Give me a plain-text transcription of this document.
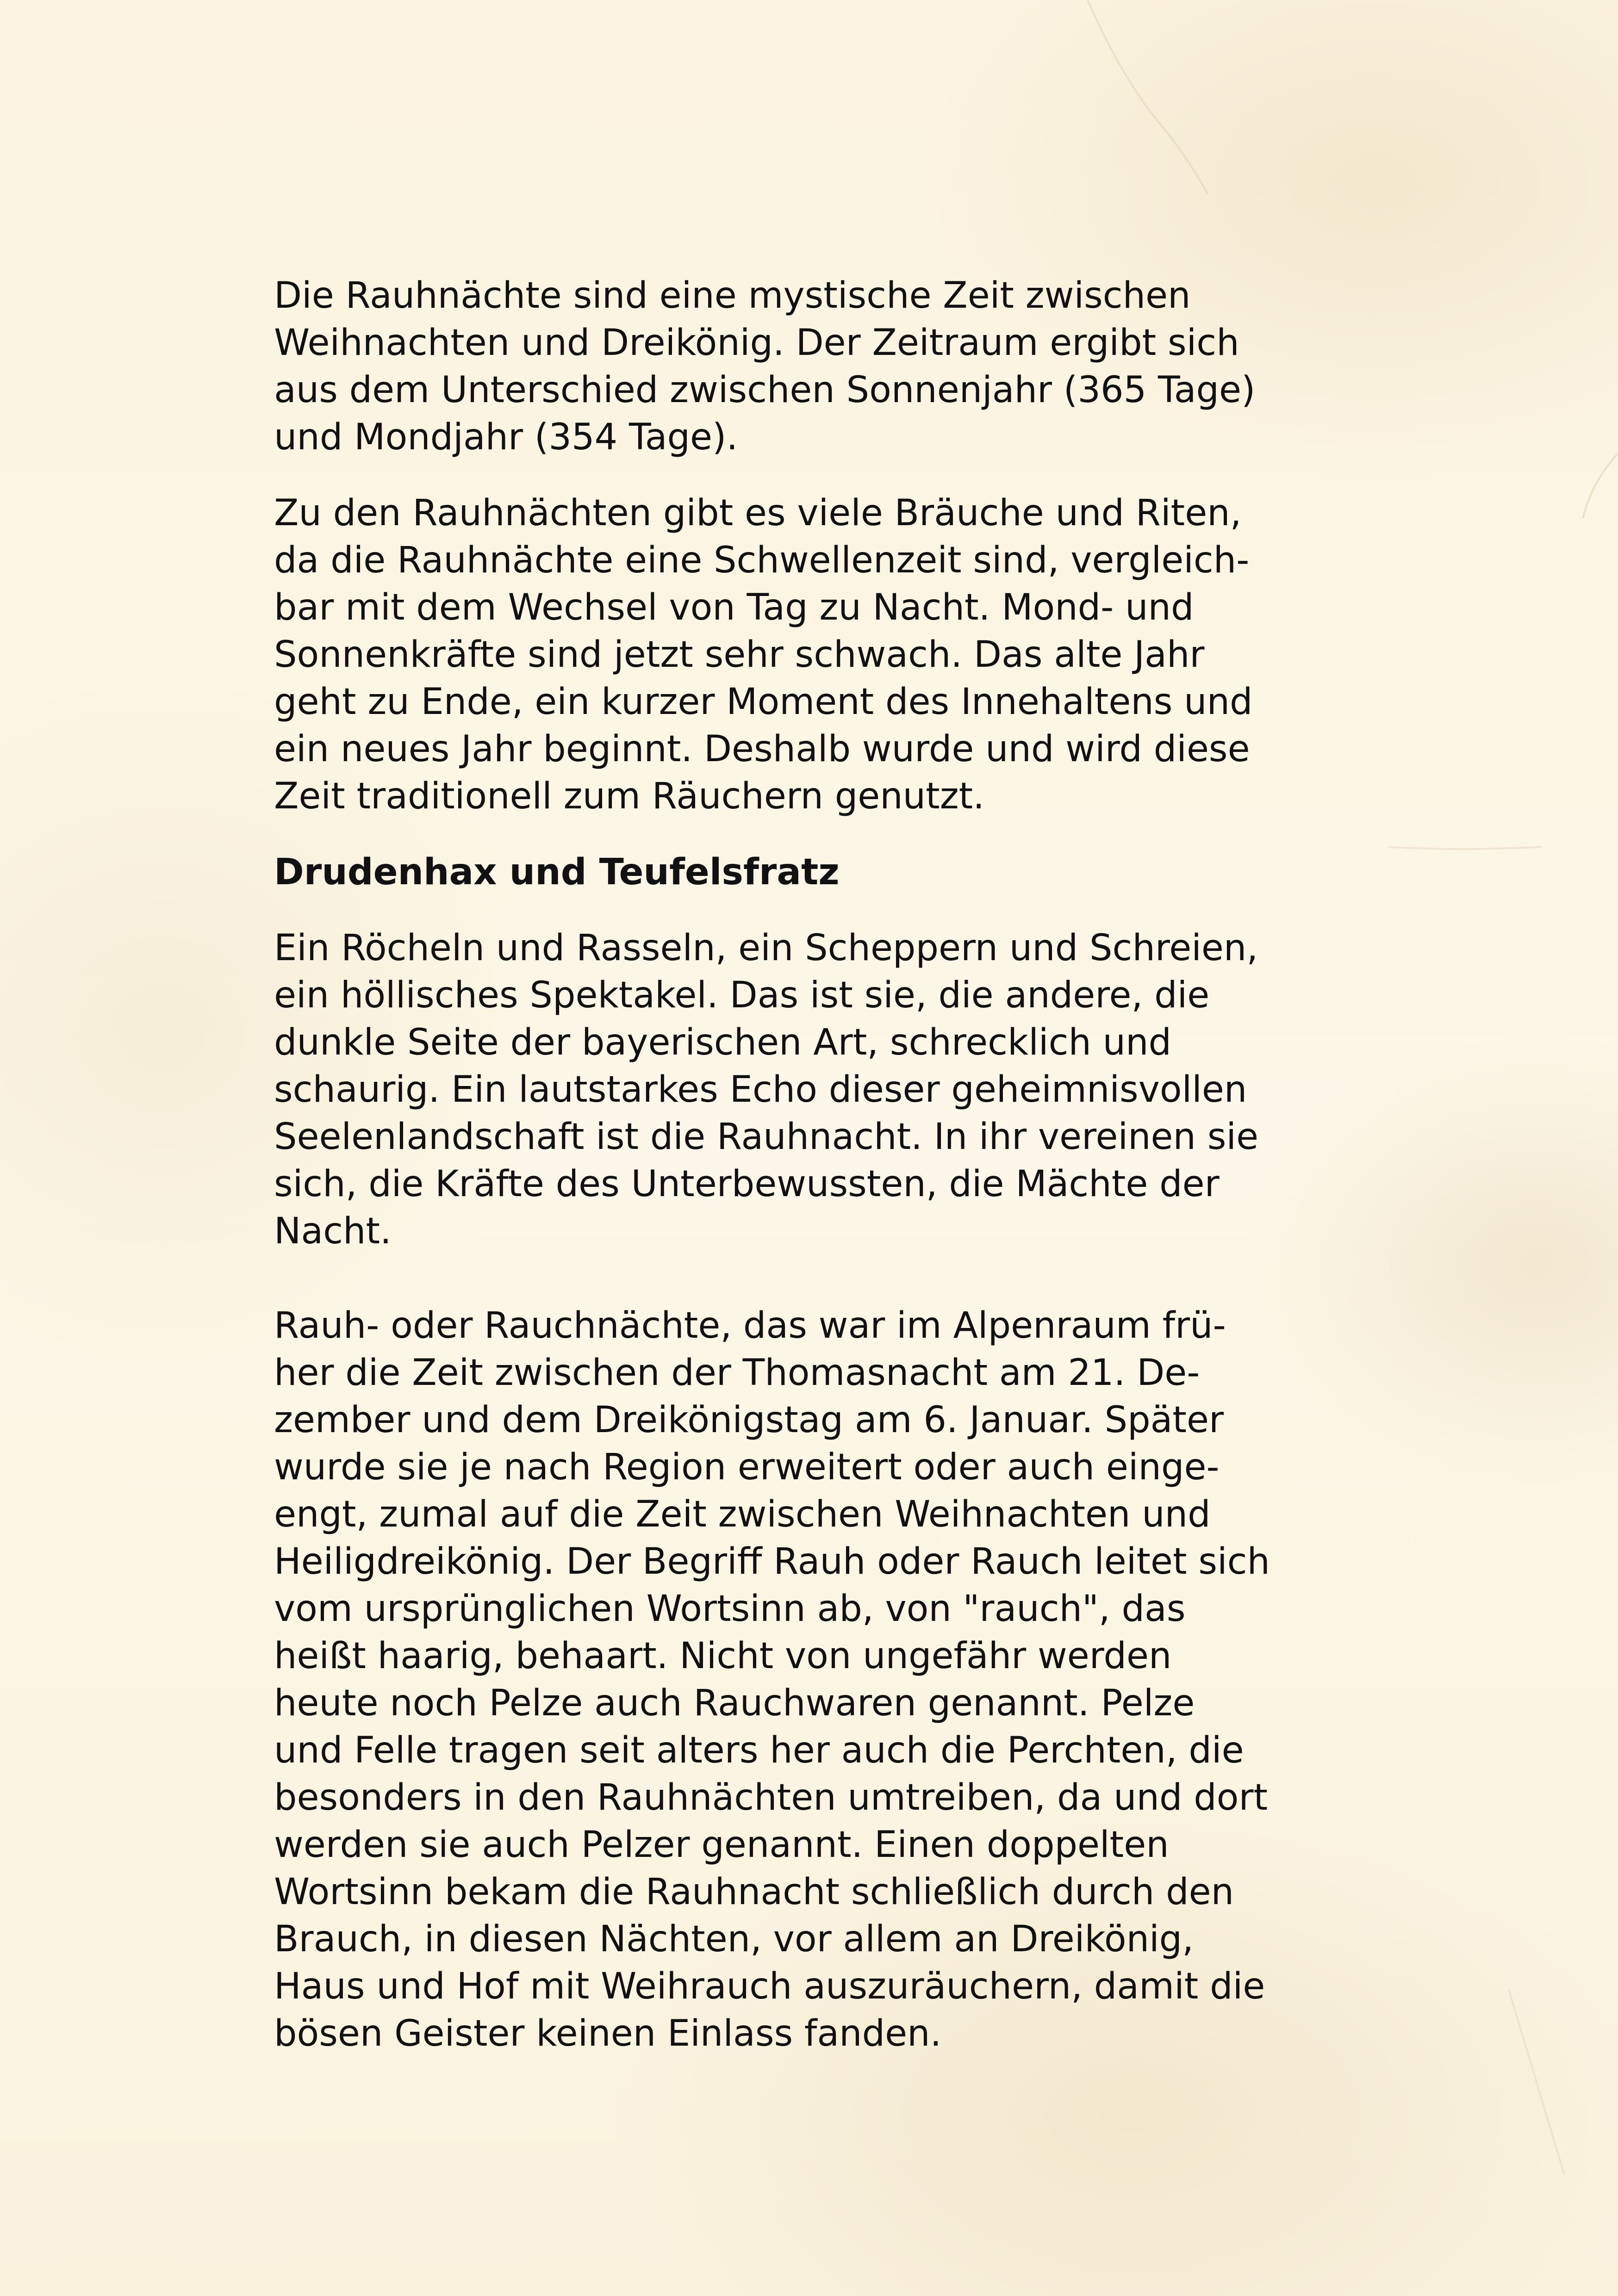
Die Rauhnächte sind eine mystische Zeit zwischen
Weihnachten und Dreikönig. Der Zeitraum ergibt sich
aus dem Unterschied zwischen Sonnenjahr (365 Tage)
und Mondjahr (354 Tage).

Zu den Rauhnächten gibt es viele Bräuche und Riten,
da die Rauhnächte eine Schwellenzeit sind, vergleich-
bar mit dem Wechsel von Tag zu Nacht. Mond- und
Sonnenkräfte sind jetzt sehr schwach. Das alte Jahr
geht zu Ende, ein kurzer Moment des Innehaltens und
ein neues Jahr beginnt. Deshalb wurde und wird diese
Zeit traditionell zum Räuchern genutzt.

Drudenhax und Teufelsfratz

Ein Röcheln und Rasseln, ein Scheppern und Schreien,
ein höllisches Spektakel. Das ist sie, die andere, die
dunkle Seite der bayerischen Art, schrecklich und
schaurig. Ein lautstarkes Echo dieser geheimnisvollen
Seelenlandschaft ist die Rauhnacht. In ihr vereinen sie
sich, die Kräfte des Unterbewussten, die Mächte der
Nacht.

Rauh- oder Rauchnächte, das war im Alpenraum frü-
her die Zeit zwischen der Thomasnacht am 21. De-
zember und dem Dreikönigstag am 6. Januar. Später
wurde sie je nach Region erweitert oder auch einge-
engt, zumal auf die Zeit zwischen Weihnachten und
Heiligdreikönig. Der Begriff Rauh oder Rauch leitet sich
vom ursprünglichen Wortsinn ab, von "rauch", das
heißt haarig, behaart. Nicht von ungefähr werden
heute noch Pelze auch Rauchwaren genannt. Pelze
und Felle tragen seit alters her auch die Perchten, die
besonders in den Rauhnächten umtreiben, da und dort
werden sie auch Pelzer genannt. Einen doppelten
Wortsinn bekam die Rauhnacht schließlich durch den
Brauch, in diesen Nächten, vor allem an Dreikönig,
Haus und Hof mit Weihrauch auszuräuchern, damit die
bösen Geister keinen Einlass fanden.
